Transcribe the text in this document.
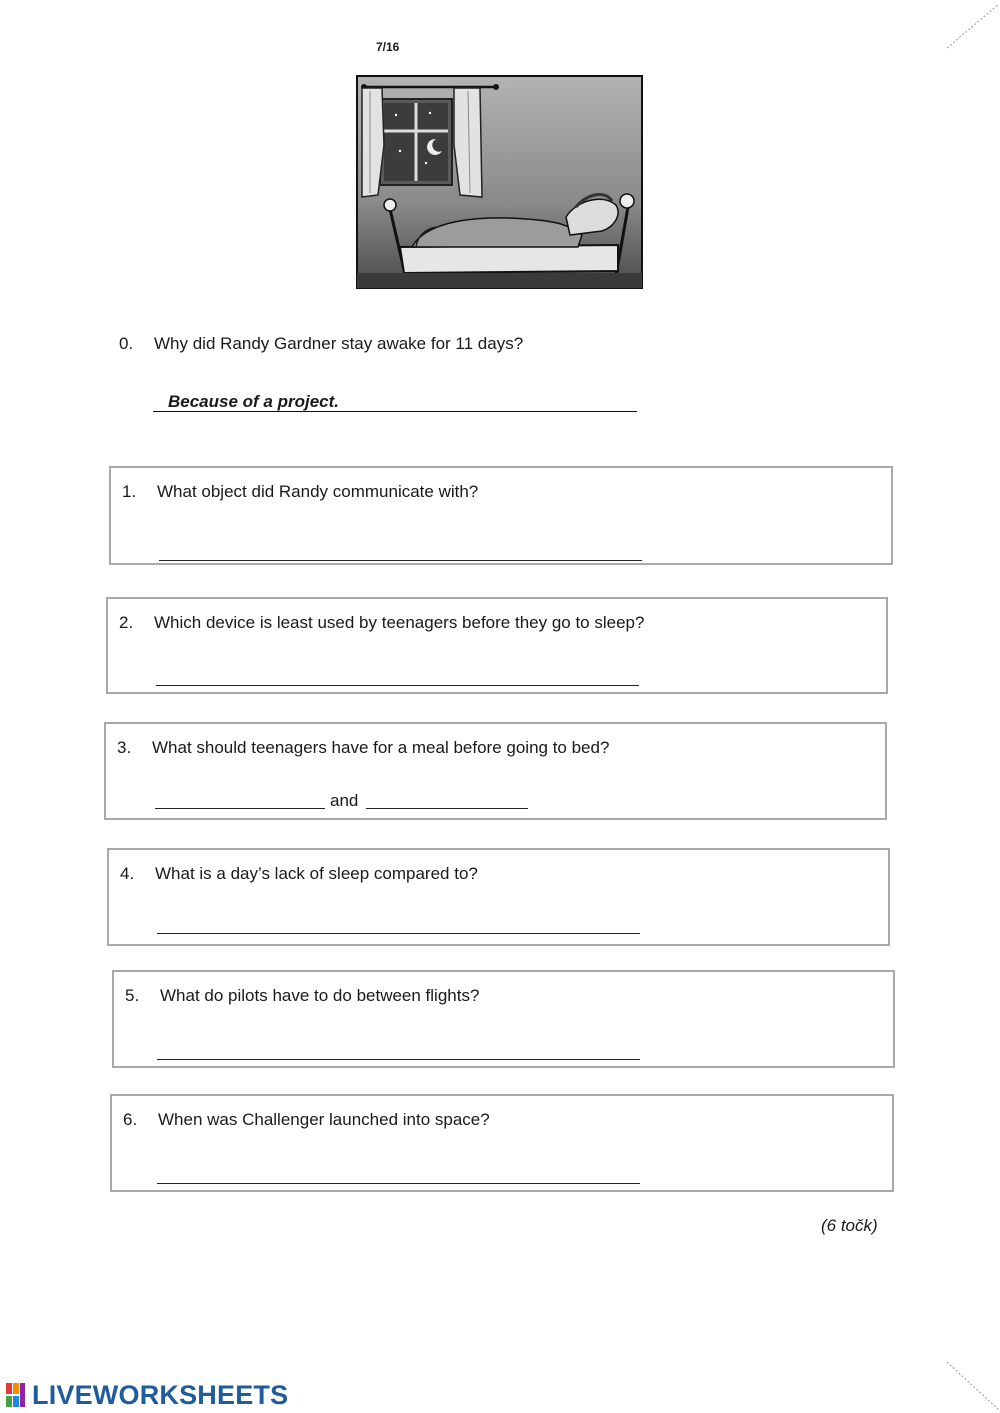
7/16
0. Why did Randy Gardner stay awake for 11 days?
Because of a project.
1. What object did Randy communicate with?
2. Which device is least used by teenagers before they go to sleep?
3. What should teenagers have for a meal before going to bed?
and
4. What is a day’s lack of sleep compared to?
5. What do pilots have to do between flights?
6. When was Challenger launched into space?
(6 točk)
LIVEWORKSHEETS
